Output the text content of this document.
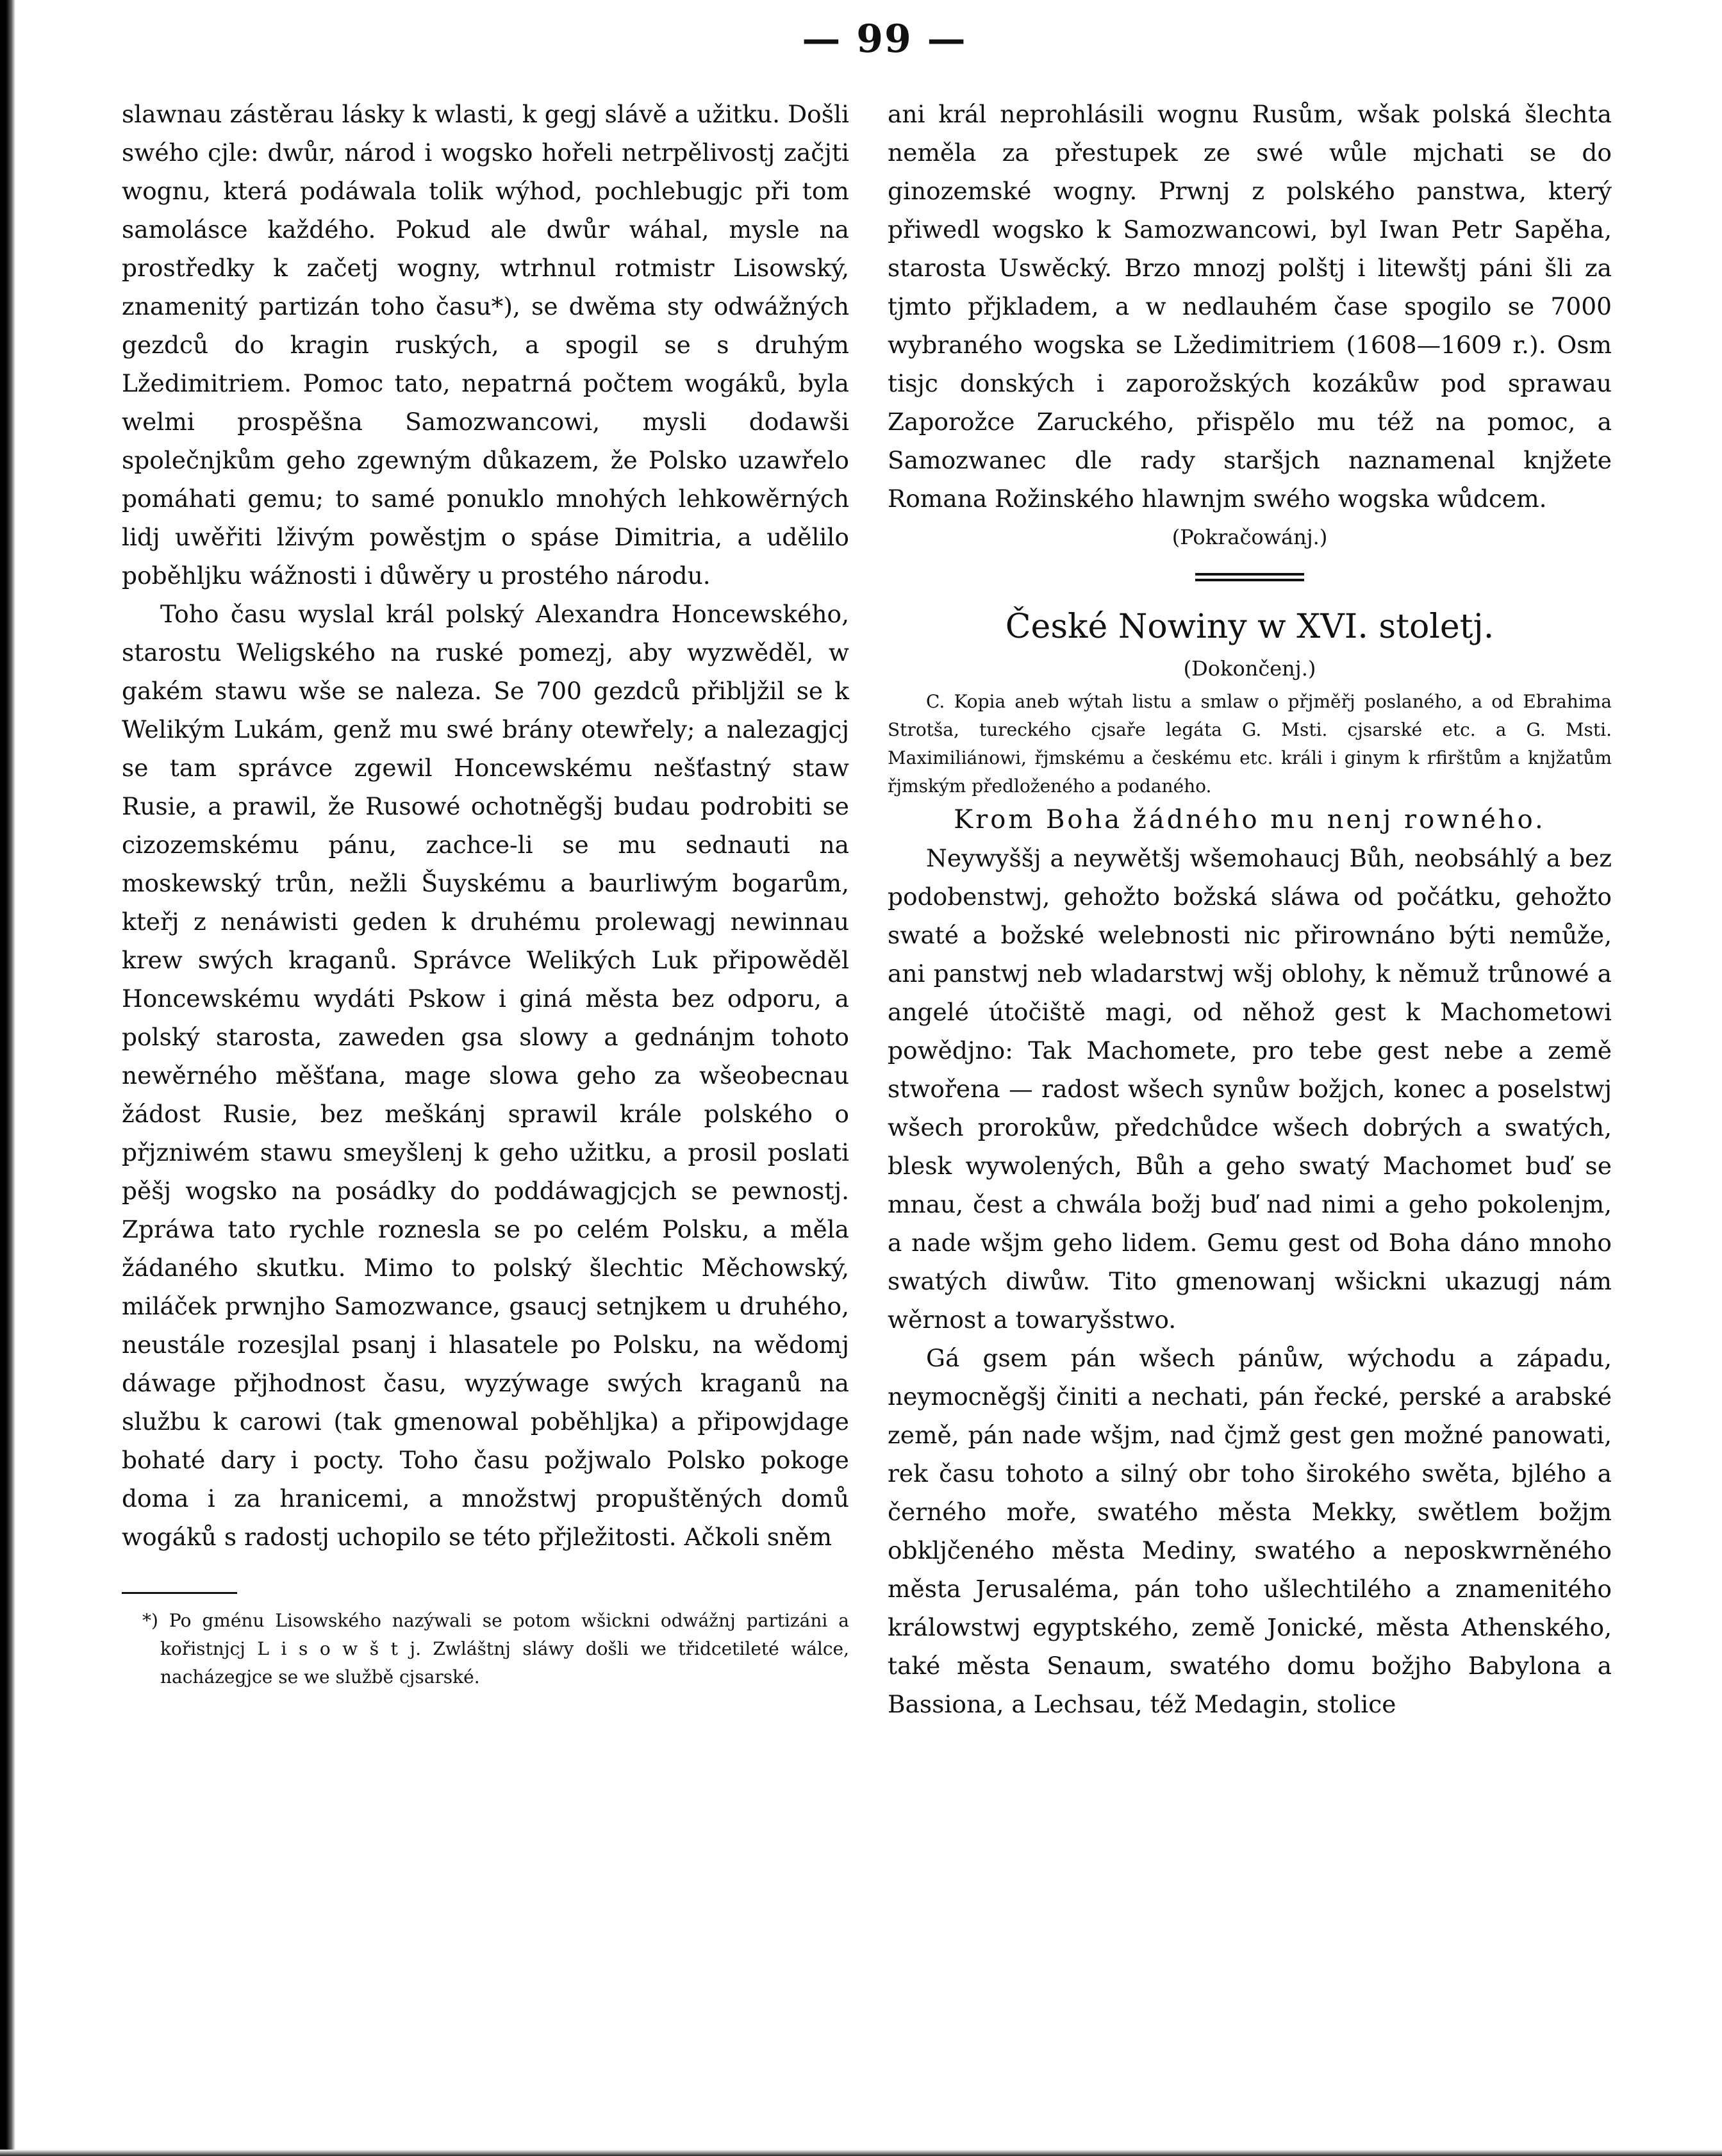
— 99 —

slawnau zástěrau lásky k wlasti, k gegj slávě a užitku. Došli swého cjle: dwůr, národ i wogsko hořeli netrpělivostj začjti wognu, která podáwala tolik wýhod, pochlebugjc při tom samolásce každého. Pokud ale dwůr wáhal, mysle na prostředky k začetj wogny, wtrhnul rotmistr Lisowský, znamenitý partizán toho času*), se dwěma sty odwážných gezdců do kragin ruských, a spogil se s druhým Lžedimitriem. Pomoc tato, nepatrná počtem wogáků, byla welmi prospěšna Samozwancowi, mysli dodawši společnjkům geho zgewným důkazem, že Polsko uzawřelo pomáhati gemu; to samé ponuklo mnohých lehkowěrných lidj uwěřiti lživým powěstjm o spáse Dimitria, a udělilo poběhljku wážnosti i důwěry u prostého národu.

Toho času wyslal král polský Alexandra Honcewského, starostu Weligského na ruské pomezj, aby wyzwěděl, w gakém stawu wše se naleza. Se 700 gezdců přibljžil se k Welikým Lukám, genž mu swé brány otewřely; a nalezagjcj se tam správce zgewil Honcewskému nešťastný staw Rusie, a prawil, že Rusowé ochotněgšj budau podrobiti se cizozemskému pánu, zachce-li se mu sednauti na moskewský trůn, nežli Šuyskému a baurliwým bogarům, kteřj z nenáwisti geden k druhému prolewagj newinnau krew swých kraganů. Správce Welikých Luk připowěděl Honcewskému wydáti Pskow i giná města bez odporu, a polský starosta, zaweden gsa slowy a gednánjm tohoto newěrného měšťana, mage slowa geho za wšeobecnau žádost Rusie, bez meškánj sprawil krále polského o přjzniwém stawu smeyšlenj k geho užitku, a prosil poslati pěšj wogsko na posádky do poddáwagjcjch se pewnostj. Zpráwa tato rychle roznesla se po celém Polsku, a měla žádaného skutku. Mimo to polský šlechtic Měchowský, miláček prwnjho Samozwance, gsaucj setnjkem u druhého, neustále rozesjlal psanj i hlasatele po Polsku, na wědomj dáwage přjhodnost času, wyzýwage swých kraganů na službu k carowi (tak gmenowal poběhljka) a připowjdage bohaté dary i pocty. Toho času požjwalo Polsko pokoge doma i za hranicemi, a množstwj propuštěných domů wogáků s radostj uchopilo se této přjležitosti. Ačkoli sněm

*) Po gménu Lisowského nazýwali se potom wšickni odwážnj partizáni a kořistnjcj L i s o w š t j. Zwláštnj sláwy došli we třidcetileté wálce, nacházegjce se we službě cjsarské.

ani král neprohlásili wognu Rusům, wšak polská šlechta neměla za přestupek ze swé wůle mjchati se do ginozemské wogny. Prwnj z polského panstwa, který přiwedl wogsko k Samozwancowi, byl Iwan Petr Sapěha, starosta Uswěcký. Brzo mnozj polštj i litewštj páni šli za tjmto přjkladem, a w nedlauhém čase spogilo se 7000 wybraného wogska se Lžedimitriem (1608—1609 r.). Osm tisjc donských i zaporožských kozákůw pod sprawau Zaporožce Zaruckého, přispělo mu též na pomoc, a Samozwanec dle rady staršjch naznamenal knjžete Romana Rožinského hlawnjm swého wogska wůdcem.

(Pokračowánj.)

České Nowiny w XVI. stoletj.

(Dokončenj.)

C. Kopia aneb wýtah listu a smlaw o přjměřj poslaného, a od Ebrahima Strotša, tureckého cjsaře legáta G. Msti. cjsarské etc. a G. Msti. Maximiliánowi, řjmskému a českému etc. králi i ginym k rfirštům a knjžatům řjmským předloženého a podaného.

Krom Boha žádného mu nenj rowného.

Neywyššj a neywětšj wšemohaucj Bůh, neobsáhlý a bez podobenstwj, gehožto božská sláwa od počátku, gehožto swaté a božské welebnosti nic přirownáno býti nemůže, ani panstwj neb wladarstwj wšj oblohy, k němuž trůnowé a angelé útočiště magi, od něhož gest k Machometowi powědjno: Tak Machomete, pro tebe gest nebe a země stwořena — radost wšech synůw božjch, konec a poselstwj wšech prorokůw, předchůdce wšech dobrých a swatých, blesk wywolených, Bůh a geho swatý Machomet buď se mnau, čest a chwála božj buď nad nimi a geho pokolenjm, a nade wšjm geho lidem. Gemu gest od Boha dáno mnoho swatých diwůw. Tito gmenowanj wšickni ukazugj nám wěrnost a towaryšstwo.

Gá gsem pán wšech pánůw, wýchodu a západu, neymocněgšj činiti a nechati, pán řecké, perské a arabské země, pán nade wšjm, nad čjmž gest gen možné panowati, rek času tohoto a silný obr toho širokého swěta, bjlého a černého moře, swatého města Mekky, swětlem božjm obkljčeného města Mediny, swatého a neposkwrněného města Jerusaléma, pán toho ušlechtilého a znamenitého králowstwj egyptského, země Jonické, města Athenského, také města Senaum, swatého domu božjho Babylona a Bassiona, a Lechsau, též Medagin, stolice
